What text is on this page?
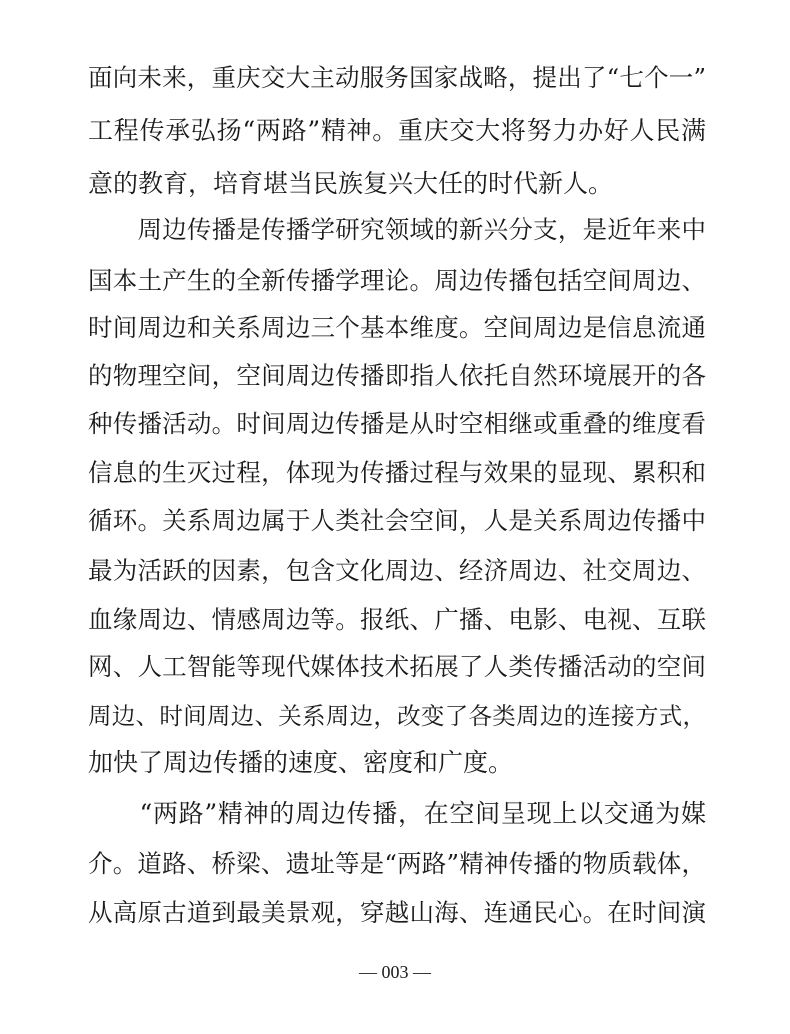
面向未来，重庆交大主动服务国家战略，提出了“七个一”
工程传承弘扬“两路”精神。重庆交大将努力办好人民满
意的教育，培育堪当民族复兴大任的时代新人。
　　周边传播是传播学研究领域的新兴分支，是近年来中
国本土产生的全新传播学理论。周边传播包括空间周边、
时间周边和关系周边三个基本维度。空间周边是信息流通
的物理空间，空间周边传播即指人依托自然环境展开的各
种传播活动。时间周边传播是从时空相继或重叠的维度看
信息的生灭过程，体现为传播过程与效果的显现、累积和
循环。关系周边属于人类社会空间，人是关系周边传播中
最为活跃的因素，包含文化周边、经济周边、社交周边、
血缘周边、情感周边等。报纸、广播、电影、电视、互联
网、人工智能等现代媒体技术拓展了人类传播活动的空间
周边、时间周边、关系周边，改变了各类周边的连接方式，
加快了周边传播的速度、密度和广度。
　　“两路”精神的周边传播，在空间呈现上以交通为媒
介。道路、桥梁、遗址等是“两路”精神传播的物质载体，
从高原古道到最美景观，穿越山海、连通民心。在时间演
— 003 —
